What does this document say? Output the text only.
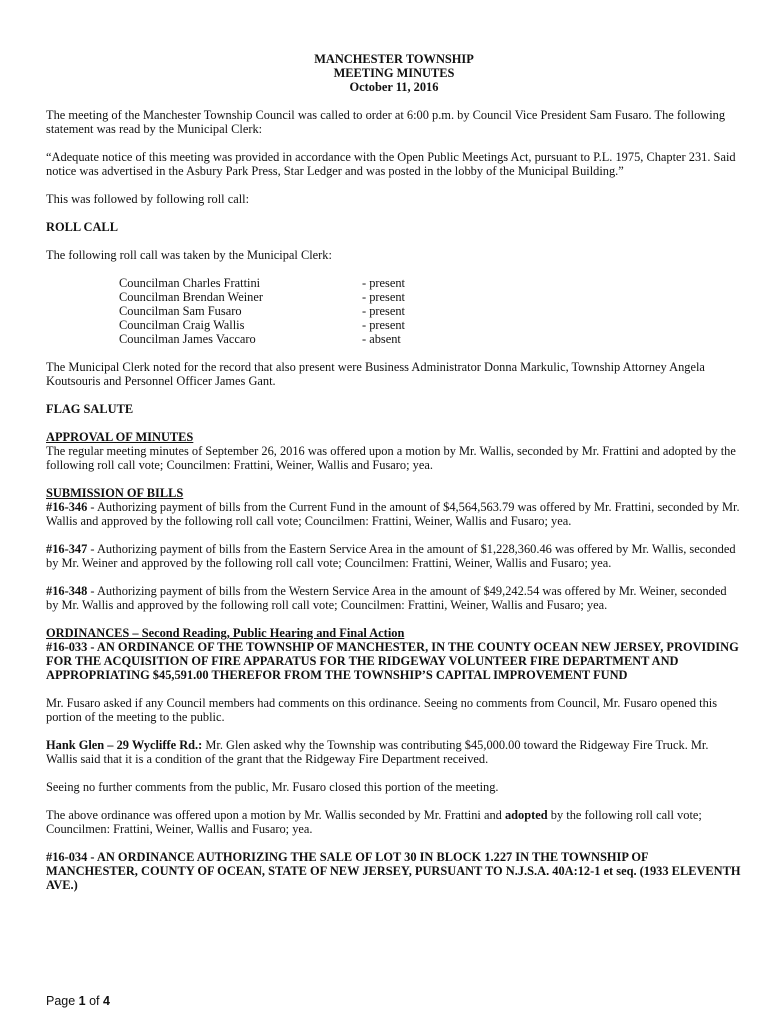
MANCHESTER TOWNSHIP
MEETING MINUTES
October 11, 2016

The meeting of the Manchester Township Council was called to order at 6:00 p.m. by Council Vice President Sam Fusaro. The following statement was read by the Municipal Clerk:

“Adequate notice of this meeting was provided in accordance with the Open Public Meetings Act, pursuant to P.L. 1975, Chapter 231. Said notice was advertised in the Asbury Park Press, Star Ledger and was posted in the lobby of the Municipal Building.”

This was followed by following roll call:

ROLL CALL

The following roll call was taken by the Municipal Clerk:

Councilman Charles Frattini	- present
Councilman Brendan Weiner	- present
Councilman Sam Fusaro	- present
Councilman Craig Wallis	- present
Councilman James Vaccaro	- absent

The Municipal Clerk noted for the record that also present were Business Administrator Donna Markulic, Township Attorney Angela Koutsouris and Personnel Officer James Gant.

FLAG SALUTE

APPROVAL OF MINUTES

The regular meeting minutes of September 26, 2016 was offered upon a motion by Mr. Wallis, seconded by Mr. Frattini and adopted by the following roll call vote; Councilmen: Frattini, Weiner, Wallis and Fusaro; yea.

SUBMISSION OF BILLS

#16-346 - Authorizing payment of bills from the Current Fund in the amount of $4,564,563.79 was offered by Mr. Frattini, seconded by Mr. Wallis and approved by the following roll call vote; Councilmen: Frattini, Weiner, Wallis and Fusaro; yea.

#16-347 - Authorizing payment of bills from the Eastern Service Area in the amount of $1,228,360.46 was offered by Mr. Wallis, seconded by Mr. Weiner and approved by the following roll call vote; Councilmen: Frattini, Weiner, Wallis and Fusaro; yea.

#16-348 - Authorizing payment of bills from the Western Service Area in the amount of $49,242.54 was offered by Mr. Weiner, seconded by Mr. Wallis and approved by the following roll call vote; Councilmen: Frattini, Weiner, Wallis and Fusaro; yea.

ORDINANCES – Second Reading, Public Hearing and Final Action

#16-033 - AN ORDINANCE OF THE TOWNSHIP OF MANCHESTER, IN THE COUNTY OCEAN NEW JERSEY, PROVIDING FOR THE ACQUISITION OF FIRE APPARATUS FOR THE RIDGEWAY VOLUNTEER FIRE DEPARTMENT AND APPROPRIATING $45,591.00 THEREFOR FROM THE TOWNSHIP’S CAPITAL IMPROVEMENT FUND

Mr. Fusaro asked if any Council members had comments on this ordinance. Seeing no comments from Council, Mr. Fusaro opened this portion of the meeting to the public.

Hank Glen – 29 Wycliffe Rd.: Mr. Glen asked why the Township was contributing $45,000.00 toward the Ridgeway Fire Truck. Mr. Wallis said that it is a condition of the grant that the Ridgeway Fire Department received.

Seeing no further comments from the public, Mr. Fusaro closed this portion of the meeting.

The above ordinance was offered upon a motion by Mr. Wallis seconded by Mr. Frattini and adopted by the following roll call vote; Councilmen: Frattini, Weiner, Wallis and Fusaro; yea.

#16-034 - AN ORDINANCE AUTHORIZING THE SALE OF LOT 30 IN BLOCK 1.227 IN THE TOWNSHIP OF MANCHESTER, COUNTY OF OCEAN, STATE OF NEW JERSEY, PURSUANT TO N.J.S.A. 40A:12-1 et seq. (1933 ELEVENTH AVE.)

Page 1 of 4
